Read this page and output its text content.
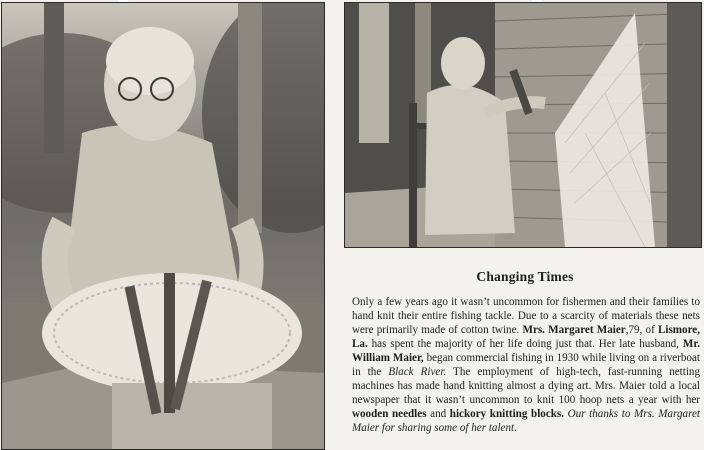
Changing Times

Only a few years ago it wasn’t uncommon for fishermen and their families to hand knit their entire fishing tackle. Due to a scarcity of materials these nets were primarily made of cotton twine. Mrs. Margaret Maier,79, of Lismore, La. has spent the majority of her life doing just that. Her late husband, Mr. William Maier, began commercial fishing in 1930 while living on a riverboat in the Black River. The employment of high-tech, fast-running netting machines has made hand knitting almost a dying art. Mrs. Maier told a local newspaper that it wasn’t uncommon to knit 100 hoop nets a year with her wooden needles and hickory knitting blocks. Our thanks to Mrs. Margaret Maier for sharing some of her talent.
